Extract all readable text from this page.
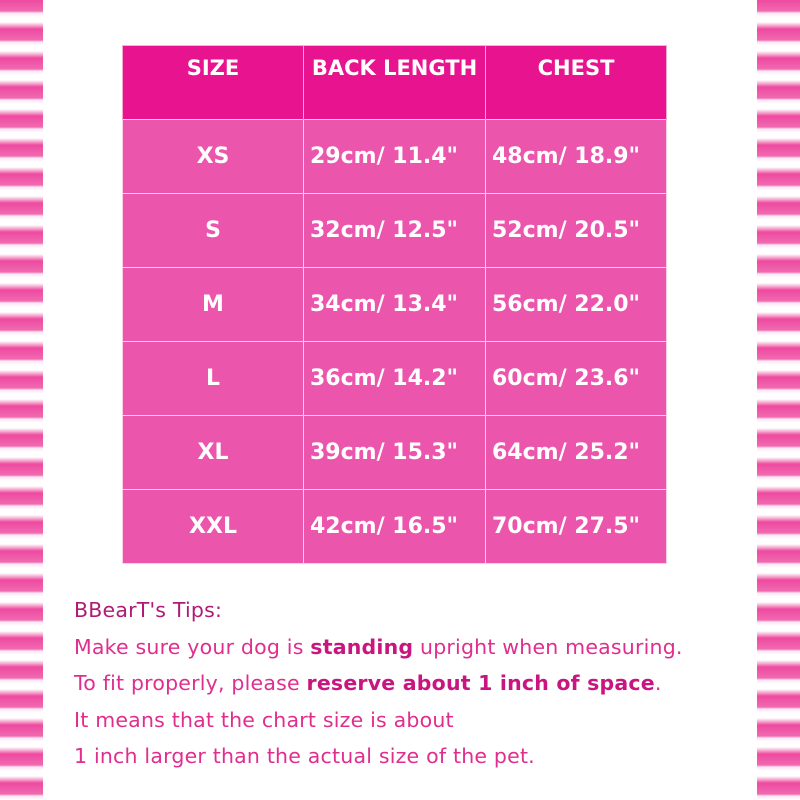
SIZE	BACK LENGTH	CHEST
XS	29cm/ 11.4"	48cm/ 18.9"
S	32cm/ 12.5"	52cm/ 20.5"
M	34cm/ 13.4"	56cm/ 22.0"
L	36cm/ 14.2"	60cm/ 23.6"
XL	39cm/ 15.3"	64cm/ 25.2"
XXL	42cm/ 16.5"	70cm/ 27.5"
BBearT's Tips:
Make sure your dog is standing upright when measuring.
To fit properly, please reserve about 1 inch of space.
It means that the chart size is about
1 inch larger than the actual size of the pet.
